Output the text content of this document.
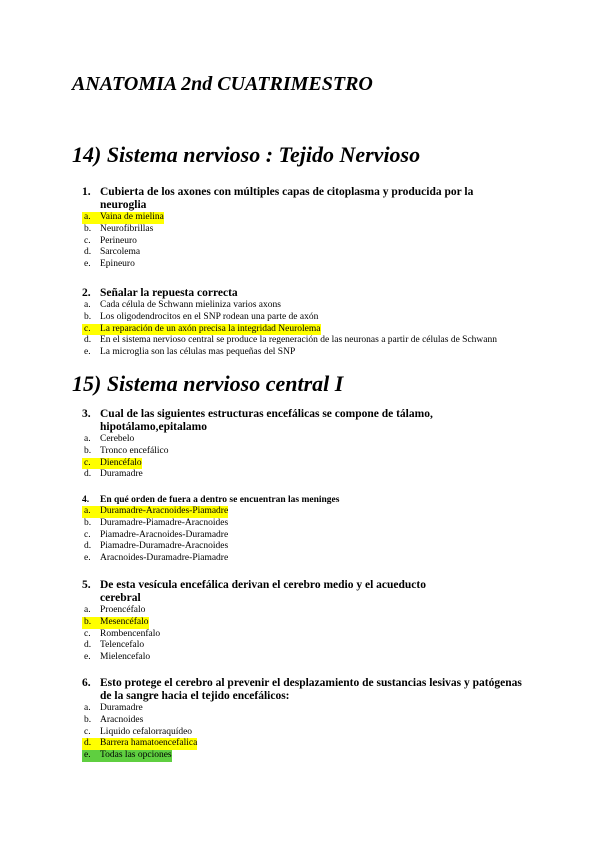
ANATOMIA 2nd CUATRIMESTRO
14) Sistema nervioso : Tejido Nervioso
1. Cubierta de los axones con múltiples capas de citoplasma y producida por la neuroglia
a. Vaina de mielina
b. Neurofibrillas
c. Perineuro
d. Sarcolema
e. Epineuro
2. Señalar la repuesta correcta
a. Cada célula de Schwann mieliniza varios axons
b. Los oligodendrocitos en el SNP rodean una parte de axón
c. La reparación de un axón precisa la integridad Neurolema
d. En el sistema nervioso central se produce la regeneración de las neuronas a partir de células de Schwann
e. La microglia son las células mas pequeñas del SNP
15) Sistema nervioso central I
3. Cual de las siguientes estructuras encefálicas se compone de tálamo, hipotálamo,epitalamo
a. Cerebelo
b. Tronco encefálico
c. Diencéfalo
d. Duramadre
4.	En qué orden de fuera a dentro se encuentran las meninges
a. Duramadre-Aracnoides-Piamadre
b. Duramadre-Piamadre-Aracnoides
c. Piamadre-Aracnoides-Duramadre
d. Piamadre-Duramadre-Aracnoides
e. Aracnoides-Duramadre-Piamadre
5. De esta vesícula encefálica derivan el cerebro medio y el acueducto cerebral
a. Proencéfalo
b. Mesencéfalo
c. Rombencenfalo
d. Telencefalo
e. Mielencefalo
6. Esto protege el cerebro al prevenir el desplazamiento de sustancias lesivas y patógenas de la sangre hacia el tejido encefálicos:
a. Duramadre
b. Aracnoides
c. Liquido cefalorraquídeo
d. Barrera hamatoencefalica
e. Todas las opciones
